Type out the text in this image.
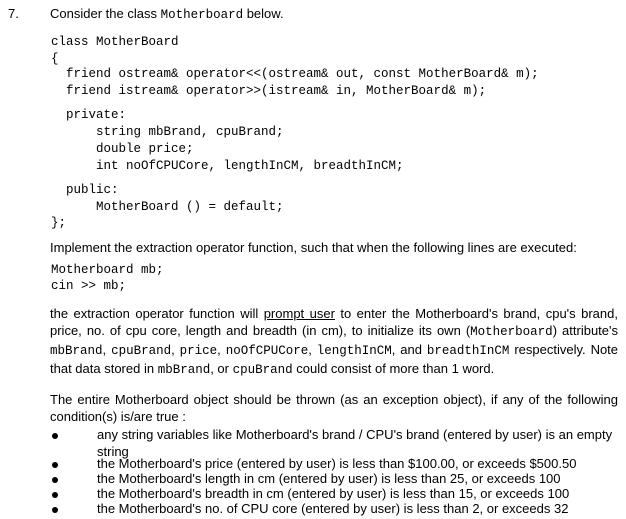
7. Consider the class Motherboard below.
class MotherBoard
{
friend ostream& operator<<(ostream& out, const MotherBoard& m);
friend istream& operator>>(istream& in, MotherBoard& m);
private:
string mbBrand, cpuBrand;
double price;
int noOfCPUCore, lengthInCM, breadthInCM;
public:
MotherBoard () = default;
};
Implement the extraction operator function, such that when the following lines are executed:
Motherboard mb;
cin >> mb;
the extraction operator function will prompt user to enter the Motherboard's brand, cpu's brand, price, no. of cpu core, length and breadth (in cm), to initialize its own (Motherboard) attribute's mbBrand, cpuBrand, price, noOfCPUCore, lengthInCM, and breadthInCM respectively. Note that data stored in mbBrand, or cpuBrand could consist of more than 1 word.
The entire Motherboard object should be thrown (as an exception object), if any of the following condition(s) is/are true :
any string variables like Motherboard's brand / CPU's brand (entered by user) is an empty string
the Motherboard's price (entered by user) is less than $100.00, or exceeds $500.50
the Motherboard's length in cm (entered by user) is less than 25, or exceeds 100
the Motherboard's breadth in cm (entered by user) is less than 15, or exceeds 100
the Motherboard's no. of CPU core (entered by user) is less than 2, or exceeds 32
